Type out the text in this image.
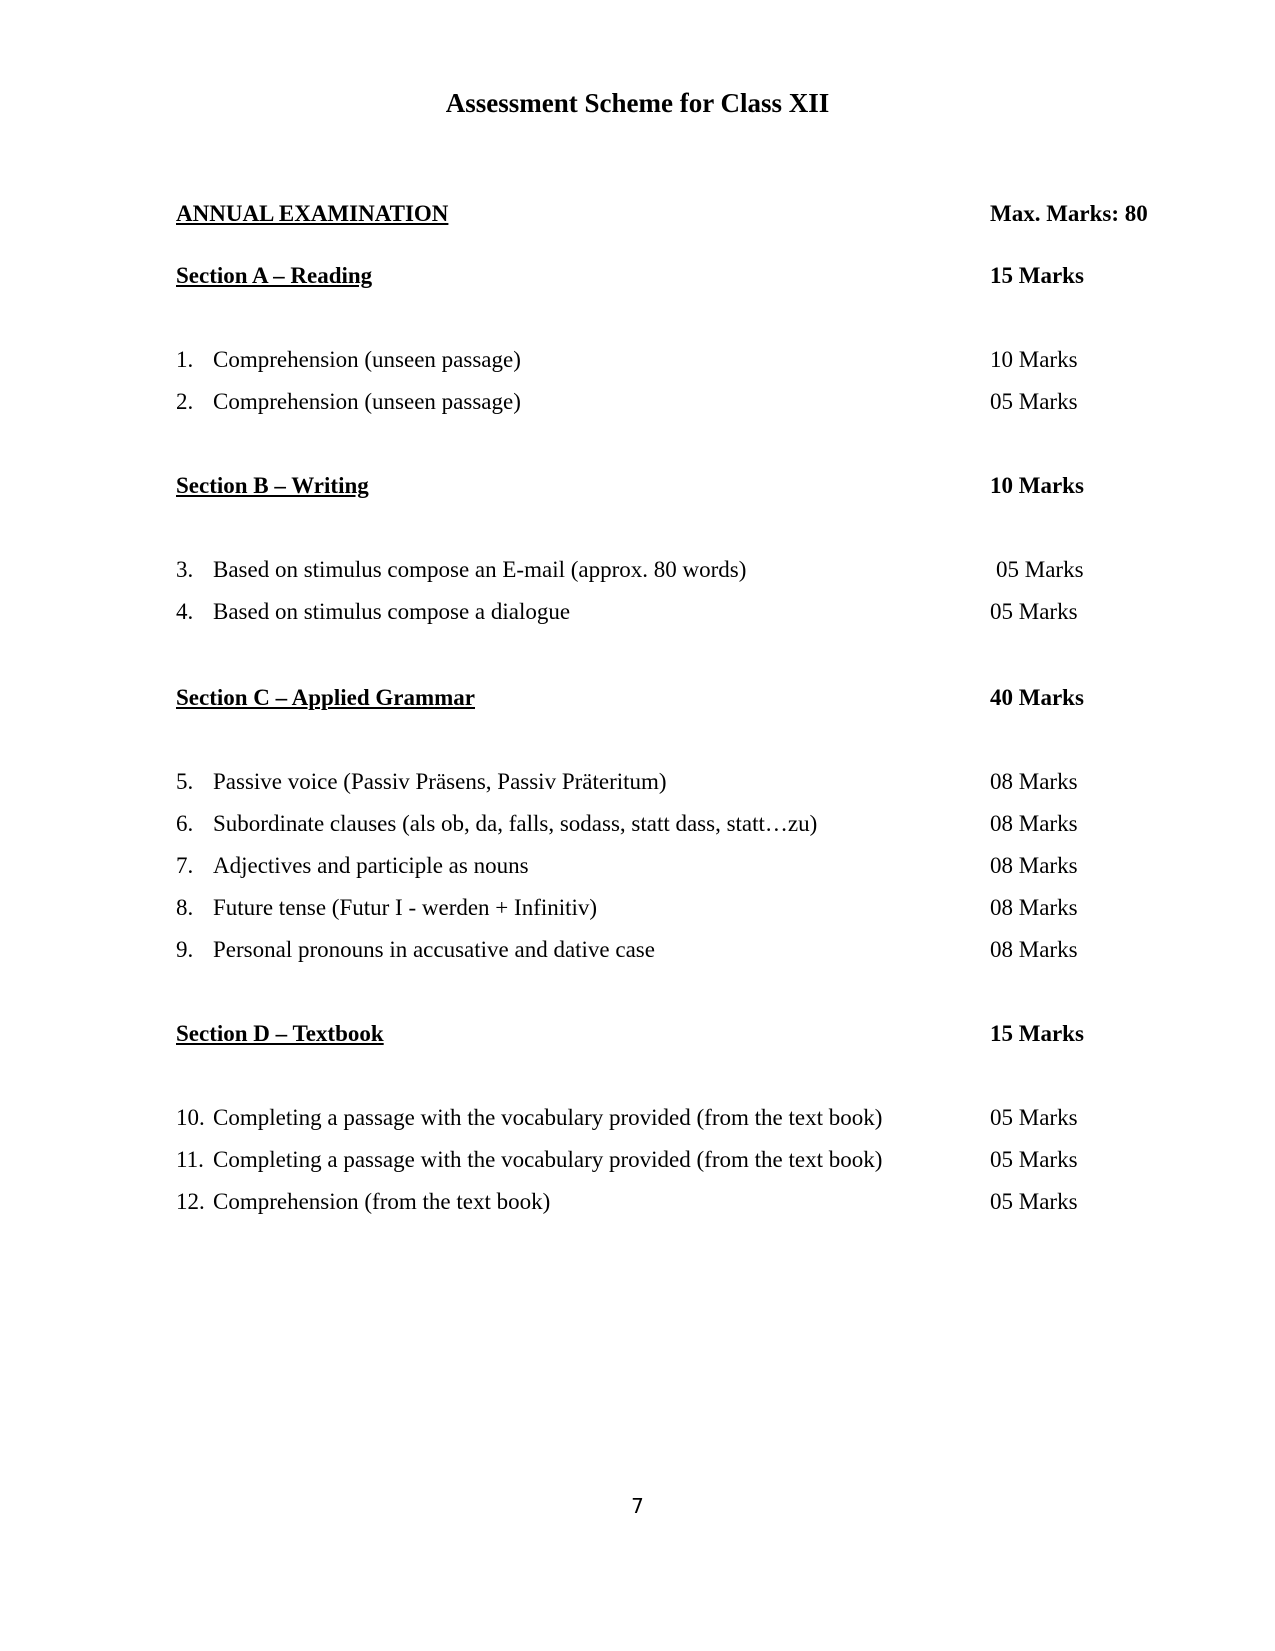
Assessment Scheme for Class XII
ANNUAL EXAMINATION	Max. Marks: 80
Section A – Reading	15 Marks
1. Comprehension (unseen passage)	10 Marks
2. Comprehension (unseen passage)	05 Marks
Section B – Writing	10 Marks
3. Based on stimulus compose an E-mail (approx. 80 words)	05 Marks
4. Based on stimulus compose a dialogue	05 Marks
Section C – Applied Grammar	40 Marks
5. Passive voice (Passiv Präsens, Passiv Präteritum)	08 Marks
6. Subordinate clauses (als ob, da, falls, sodass, statt dass, statt…zu)	08 Marks
7. Adjectives and participle as nouns	08 Marks
8. Future tense (Futur I - werden + Infinitiv)	08 Marks
9. Personal pronouns in accusative and dative case	08 Marks
Section D – Textbook	15 Marks
10. Completing a passage with the vocabulary provided (from the text book)	05 Marks
11. Completing a passage with the vocabulary provided (from the text book)	05 Marks
12. Comprehension (from the text book)	05 Marks
7
